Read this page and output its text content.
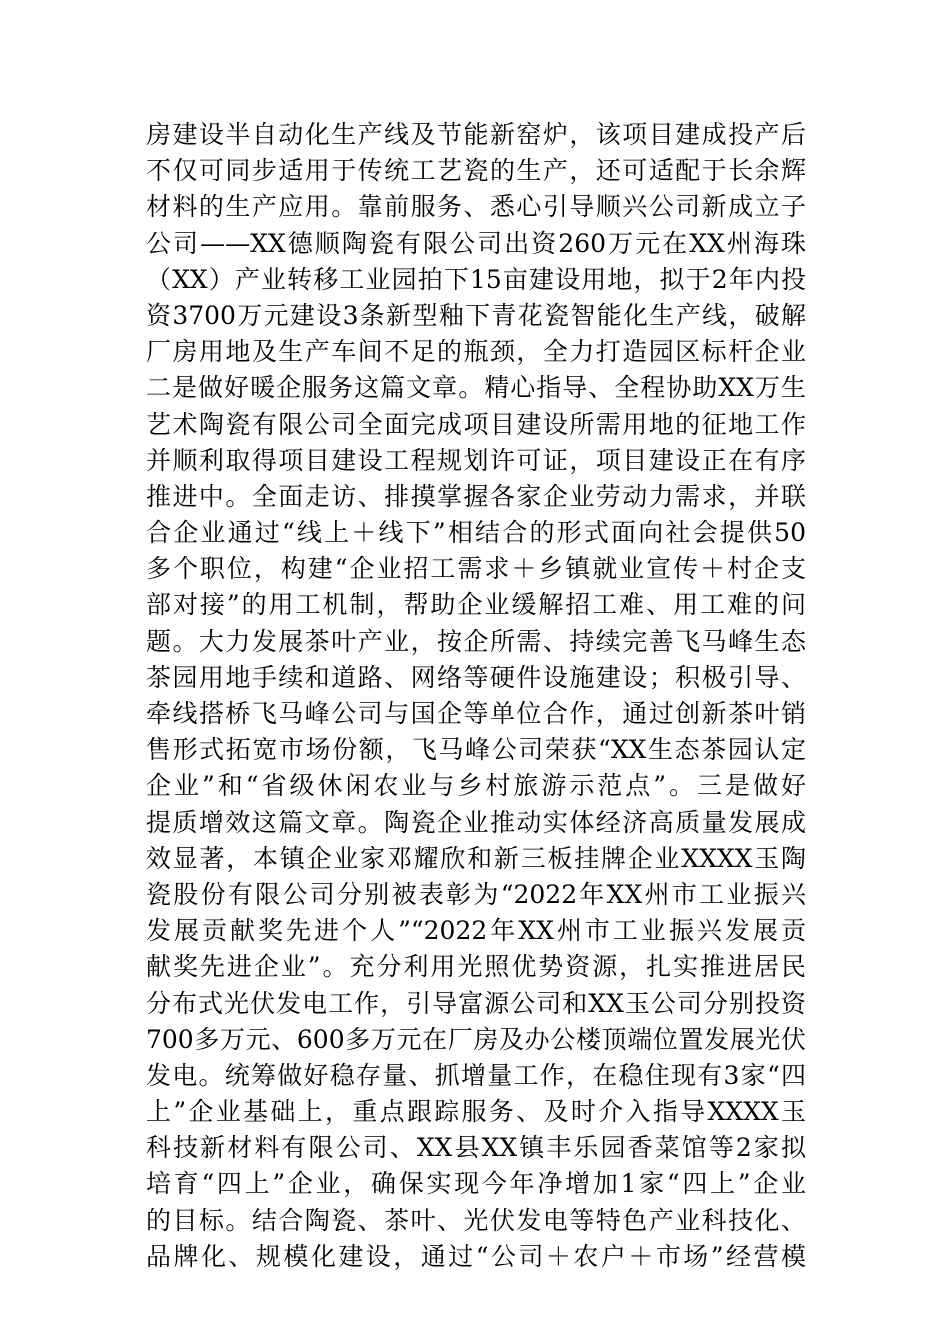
房建设半自动化生产线及节能新窑炉，该项目建成投产后
不仅可同步适用于传统工艺瓷的生产，还可适配于长余辉
材料的生产应用。靠前服务、悉心引导顺兴公司新成立子
公司——XX德顺陶瓷有限公司出资260万元在XX州海珠
（XX）产业转移工业园拍下15亩建设用地，拟于2年内投
资3700万元建设3条新型釉下青花瓷智能化生产线，破解
厂房用地及生产车间不足的瓶颈，全力打造园区标杆企业
二是做好暖企服务这篇文章。精心指导、全程协助XX万生
艺术陶瓷有限公司全面完成项目建设所需用地的征地工作
并顺利取得项目建设工程规划许可证，项目建设正在有序
推进中。全面走访、排摸掌握各家企业劳动力需求，并联
合企业通过“线上＋线下”相结合的形式面向社会提供50
多个职位，构建“企业招工需求＋乡镇就业宣传＋村企支
部对接”的用工机制，帮助企业缓解招工难、用工难的问
题。大力发展茶叶产业，按企所需、持续完善飞马峰生态
茶园用地手续和道路、网络等硬件设施建设；积极引导、
牵线搭桥飞马峰公司与国企等单位合作，通过创新茶叶销
售形式拓宽市场份额，飞马峰公司荣获“XX生态茶园认定
企业”和“省级休闲农业与乡村旅游示范点”。三是做好
提质增效这篇文章。陶瓷企业推动实体经济高质量发展成
效显著，本镇企业家邓耀欣和新三板挂牌企业XXXX玉陶
瓷股份有限公司分别被表彰为“2022年XX州市工业振兴
发展贡献奖先进个人”“2022年XX州市工业振兴发展贡
献奖先进企业”。充分利用光照优势资源，扎实推进居民
分布式光伏发电工作，引导富源公司和XX玉公司分别投资
700多万元、600多万元在厂房及办公楼顶端位置发展光伏
发电。统筹做好稳存量、抓增量工作，在稳住现有3家“四
上”企业基础上，重点跟踪服务、及时介入指导XXXX玉
科技新材料有限公司、XX县XX镇丰乐园香菜馆等2家拟
培育“四上”企业，确保实现今年净增加1家“四上”企业
的目标。结合陶瓷、茶叶、光伏发电等特色产业科技化、
品牌化、规模化建设，通过“公司＋农户＋市场”经营模
